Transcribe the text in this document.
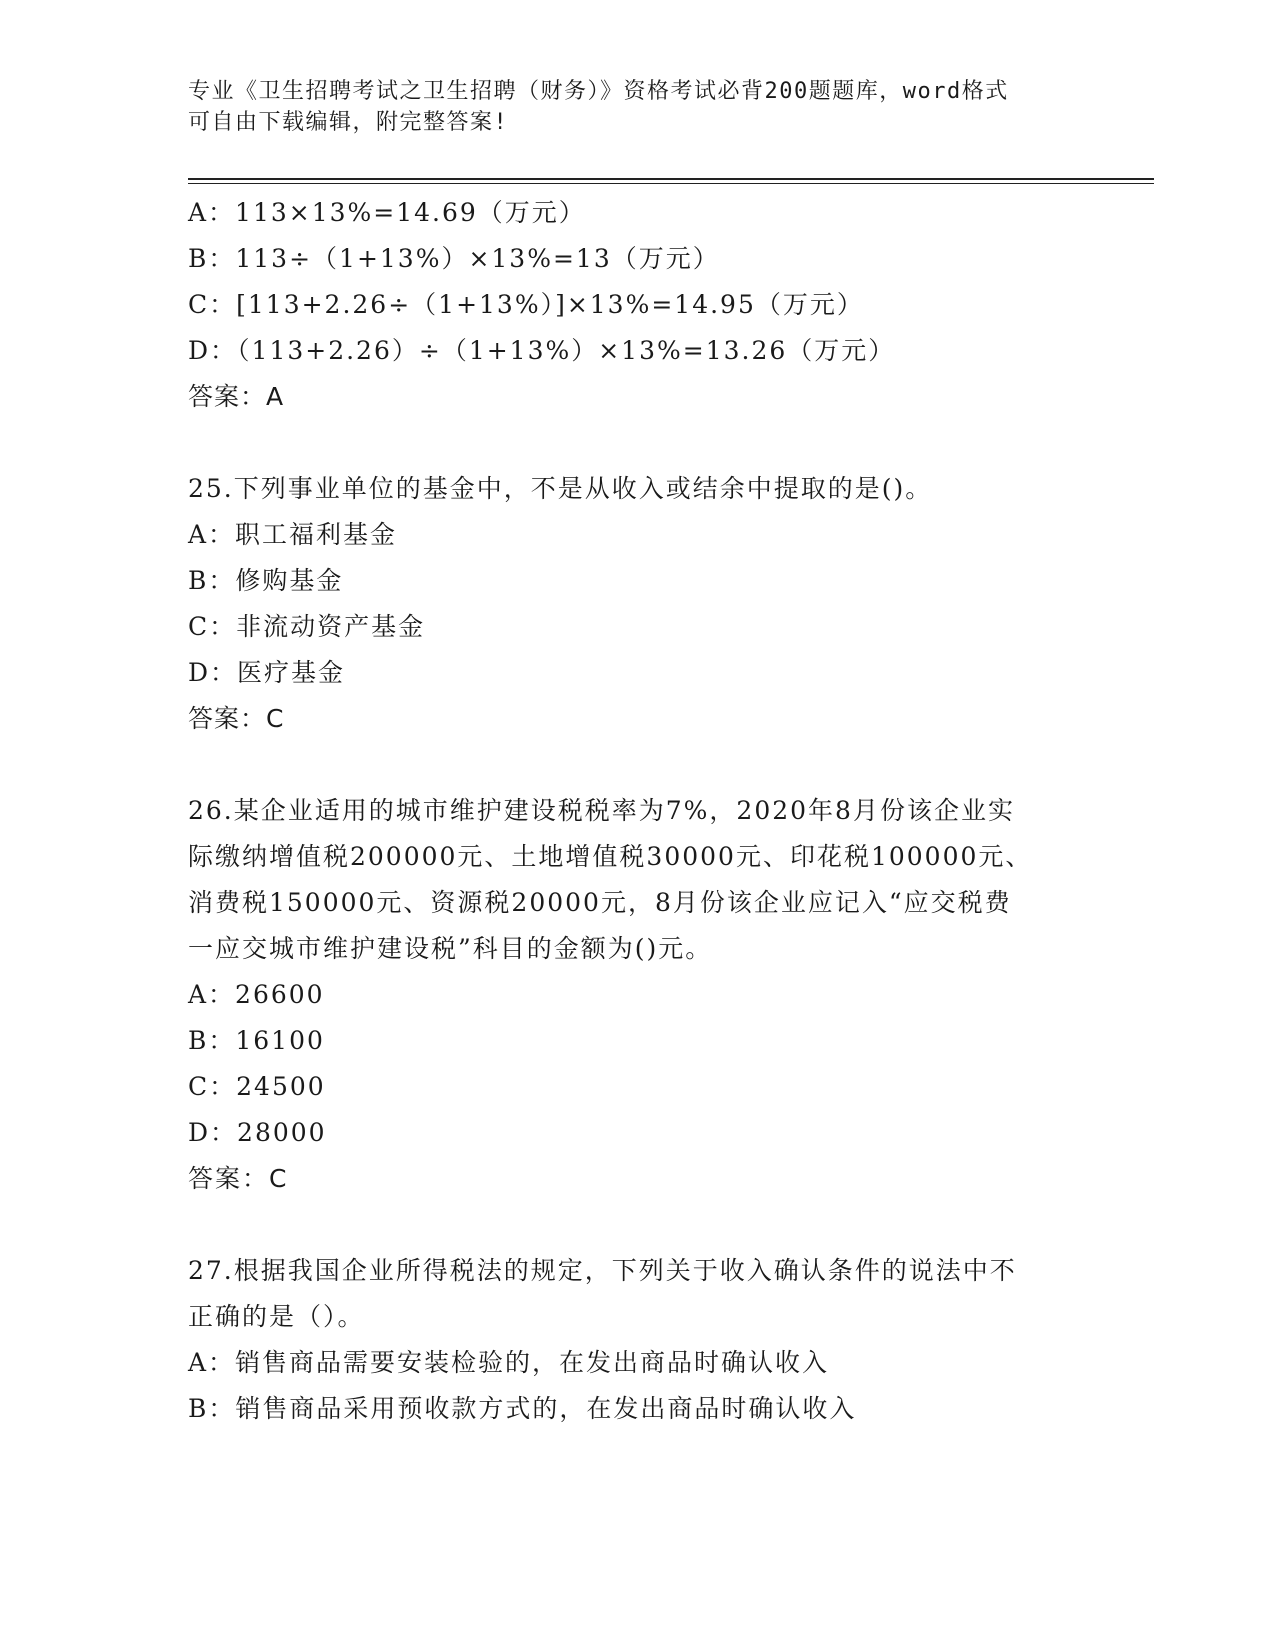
专业《卫生招聘考试之卫生招聘（财务）》资格考试必背200题题库，word格式
可自由下载编辑，附完整答案!
A：113×13%=14.69（万元）
B：113÷（1+13%）×13%=13（万元）
C：[113+2.26÷（1+13%）]×13%=14.95（万元）
D：（113+2.26）÷（1+13%）×13%=13.26（万元）
答案：A
25.下列事业单位的基金中，不是从收入或结余中提取的是()。
A：职工福利基金
B：修购基金
C：非流动资产基金
D：医疗基金
答案：C
26.某企业适用的城市维护建设税税率为7%，2020年8月份该企业实
际缴纳增值税200000元、土地增值税30000元、印花税100000元、
消费税150000元、资源税20000元，8月份该企业应记入“应交税费
一应交城市维护建设税”科目的金额为()元。
A：26600
B：16100
C：24500
D：28000
答案：C
27.根据我国企业所得税法的规定，下列关于收入确认条件的说法中不
正确的是（）。
A：销售商品需要安装检验的，在发出商品时确认收入
B：销售商品采用预收款方式的，在发出商品时确认收入
